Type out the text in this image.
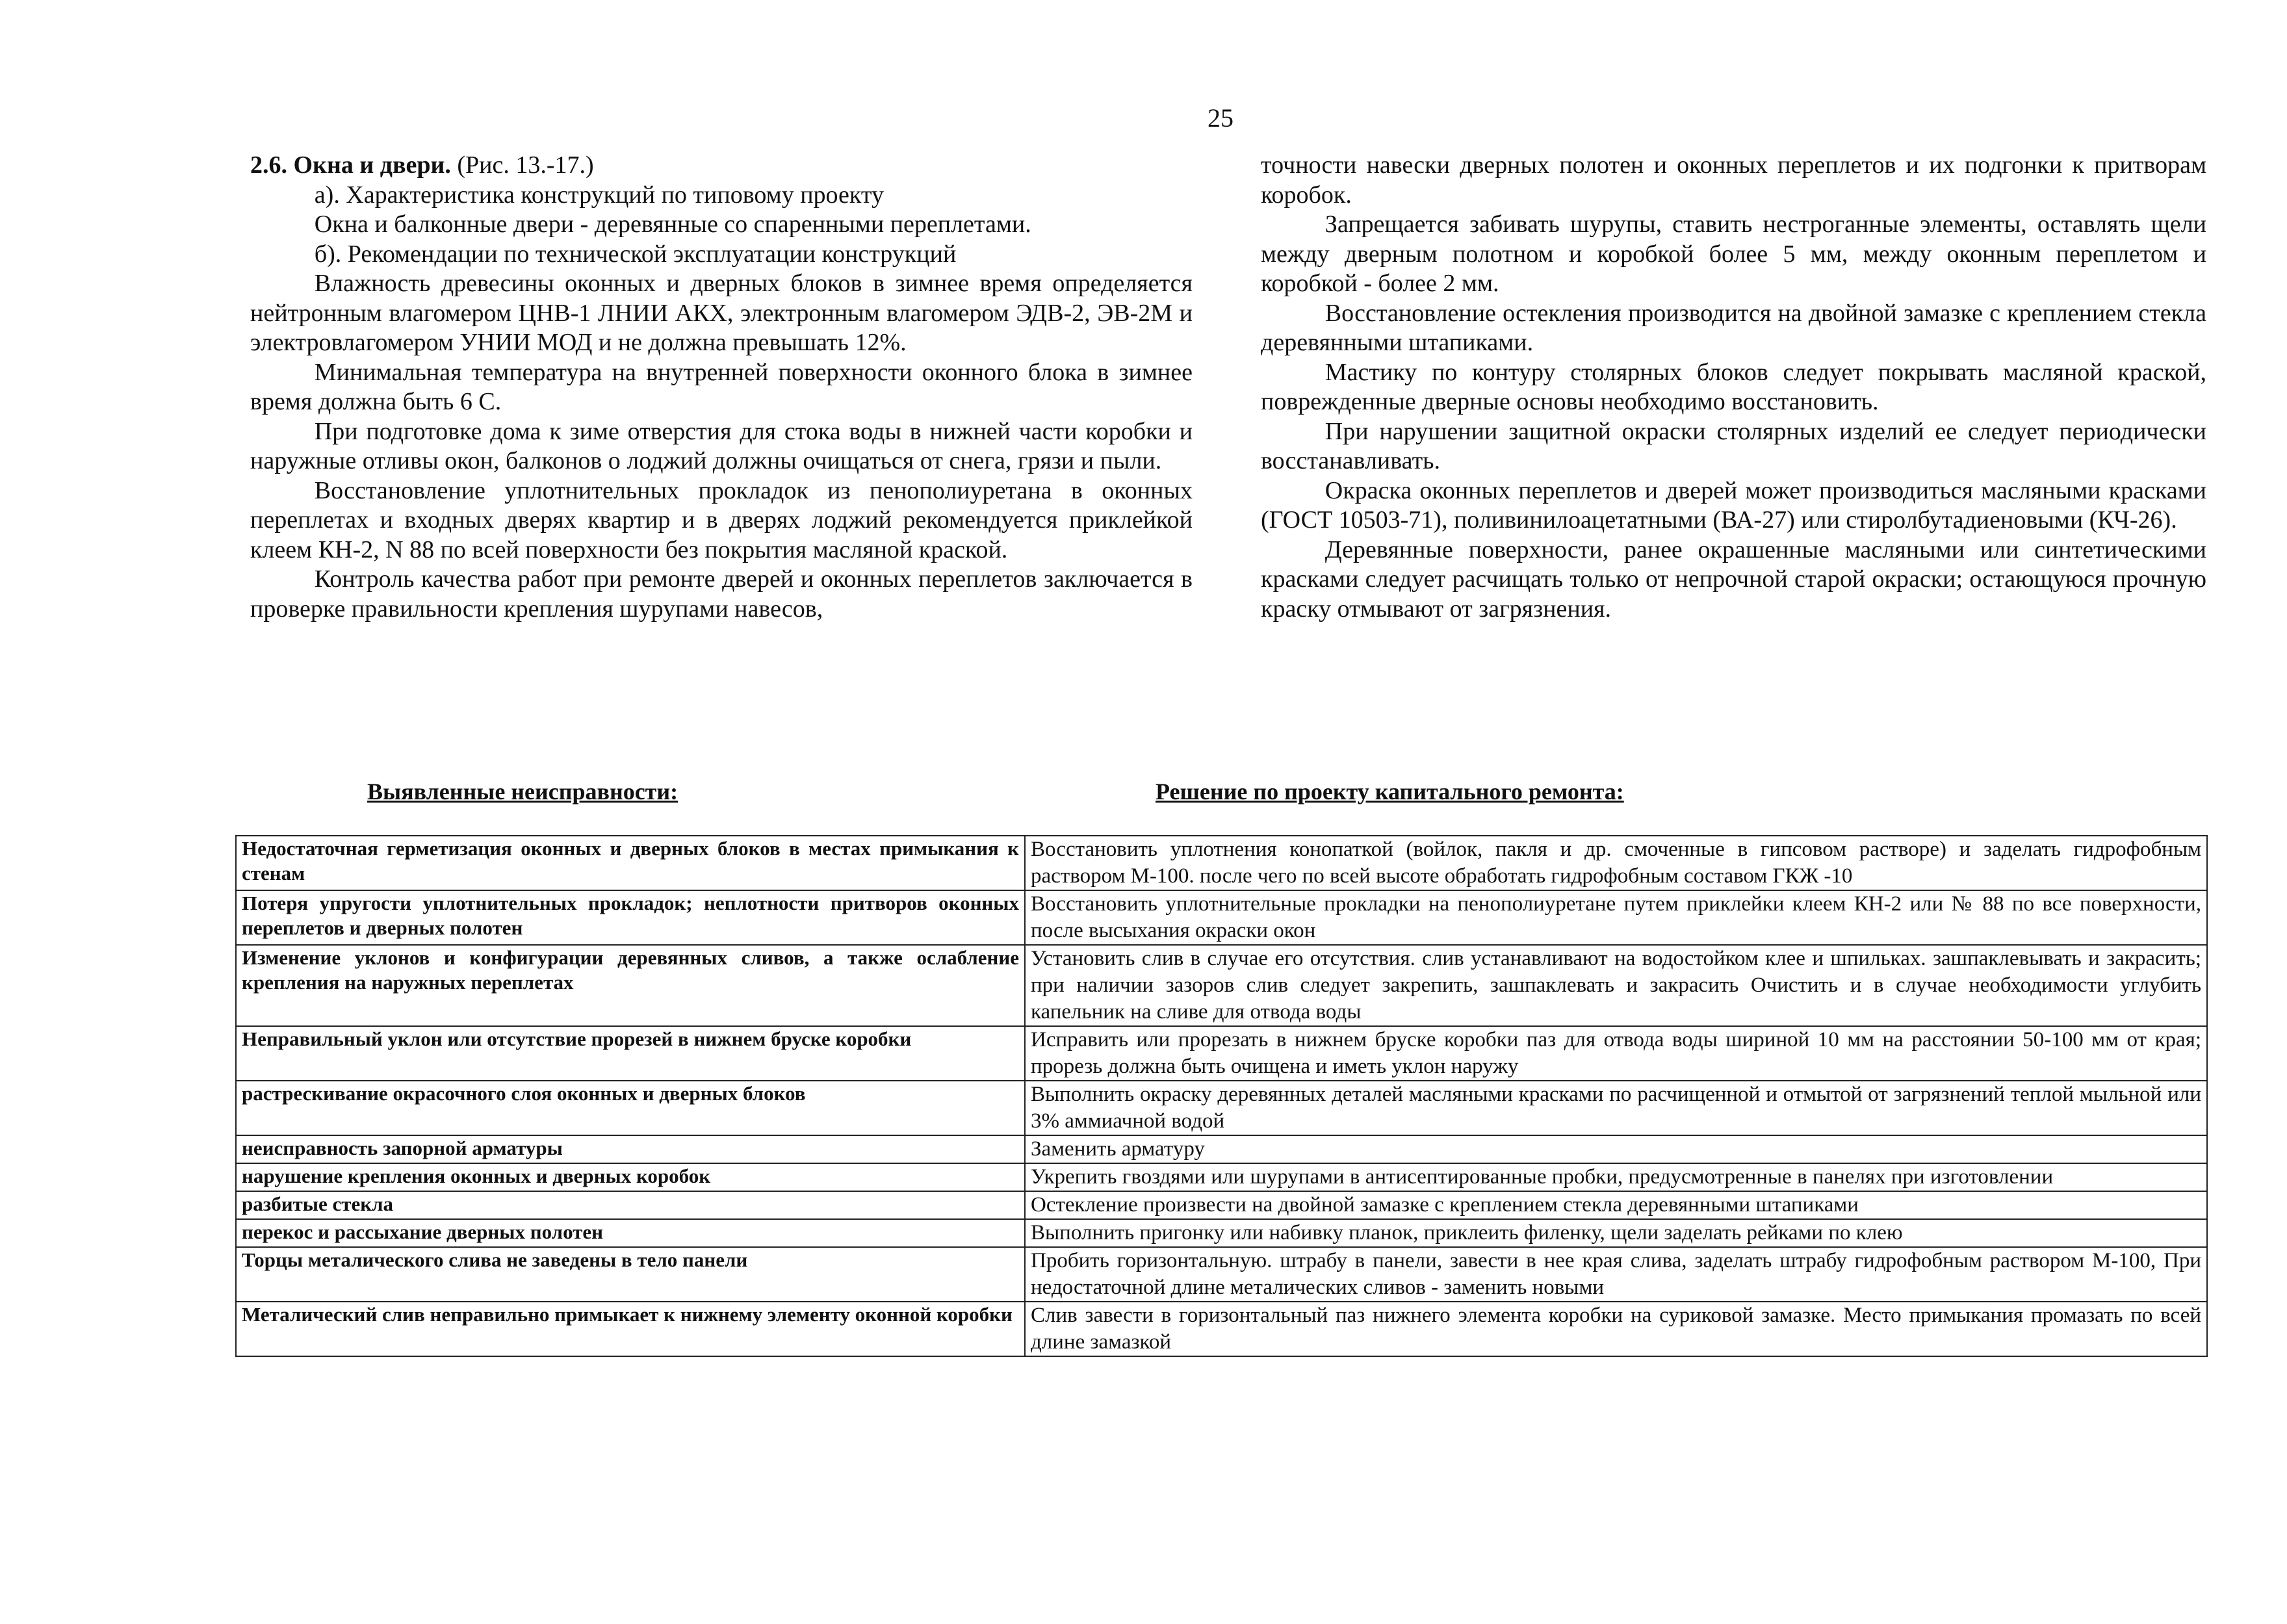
25

2.6. Окна и двери. (Рис. 13.-17.)

а). Характеристика конструкций по типовому проекту

Окна и балконные двери - деревянные со спаренными переплетами.

б). Рекомендации по технической эксплуатации конструкций

Влажность древесины оконных и дверных блоков в зимнее время определяется нейтронным влагомером ЦНВ-1 ЛНИИ АКХ, электронным влагомером ЭДВ-2, ЭВ-2М и электровлагомером УНИИ МОД и не должна превышать 12%.

Минимальная температура на внутренней поверхности оконного блока в зимнее время должна быть 6 С.

При подготовке дома к зиме отверстия для стока воды в нижней части коробки и наружные отливы окон, балконов о лоджий должны очищаться от снега, грязи и пыли.

Восстановление уплотнительных прокладок из пенополиуретана в оконных переплетах и входных дверях квартир и в дверях лоджий рекомендуется приклейкой клеем КН-2, N 88 по всей поверхности без покрытия масляной краской.

Контроль качества работ при ремонте дверей и оконных переплетов заключается в проверке правильности крепления шурупами навесов,

точности навески дверных полотен и оконных переплетов и их подгонки к притворам коробок.

Запрещается забивать шурупы, ставить нестроганные элементы, оставлять щели между дверным полотном и коробкой более 5 мм, между оконным переплетом и коробкой - более 2 мм.

Восстановление остекления производится на двойной замазке с креплением стекла деревянными штапиками.

Мастику по контуру столярных блоков следует покрывать масляной краской, поврежденные дверные основы необходимо восстановить.

При нарушении защитной окраски столярных изделий ее следует периодически восстанавливать.

Окраска оконных переплетов и дверей может производиться масляными красками (ГОСТ 10503-71), поливинилоацетатными (ВА-27) или стиролбутадиеновыми (КЧ-26).

Деревянные поверхности, ранее окрашенные масляными или синтетическими красками следует расчищать только от непрочной старой окраски; остающуюся прочную краску отмывают от загрязнения.

Выявленные неисправности:	Решение по проекту капитального ремонта:
Недостаточная герметизация оконных и дверных блоков в местах примыкания к стенам	Восстановить уплотнения конопаткой (войлок, пакля и др. смоченные в гипсовом растворе) и заделать гидрофобным раствором М-100. после чего по всей высоте обработать гидрофобным составом ГКЖ -10
Потеря упругости уплотнительных прокладок; неплотности притворов оконных переплетов и дверных полотен	Восстановить уплотнительные прокладки на пенополиуретане путем приклейки клеем КН-2 или № 88 по все поверхности, после высыхания окраски окон
Изменение уклонов и конфигурации деревянных сливов, а также ослабление крепления на наружных переплетах	Установить слив в случае его отсутствия. слив устанавливают на водостойком клее и шпильках. зашпаклевывать и закрасить; при наличии зазоров слив следует закрепить, зашпаклевать и закрасить Очистить и в случае необходимости углубить капельник на сливе для отвода воды
Неправильный уклон или отсутствие прорезей в нижнем бруске коробки	Исправить или прорезать в нижнем бруске коробки паз для отвода воды шириной 10 мм на расстоянии 50-100 мм от края; прорезь должна быть очищена и иметь уклон наружу
растрескивание окрасочного слоя оконных и дверных блоков	Выполнить окраску деревянных деталей масляными красками по расчищенной и отмытой от загрязнений теплой мыльной или 3% аммиачной водой
неисправность запорной арматуры	Заменить арматуру
нарушение крепления оконных и дверных коробок	Укрепить гвоздями или шурупами в антисептированные пробки, предусмотренные в панелях при изготовлении
разбитые стекла	Остекление произвести на двойной замазке с креплением стекла деревянными штапиками
перекос и рассыхание дверных полотен	Выполнить пригонку или набивку планок, приклеить филенку, щели заделать рейками по клею
Торцы металического слива не заведены в тело панели	Пробить горизонтальную. штрабу в панели, завести в нее края слива, заделать штрабу гидрофобным раствором М-100, При недостаточной длине металических сливов - заменить новыми
Металический слив неправильно примыкает к нижнему элементу оконной коробки	Слив завести в горизонтальный паз нижнего элемента коробки на суриковой замазке. Место примыкания промазать по всей длине замазкой
